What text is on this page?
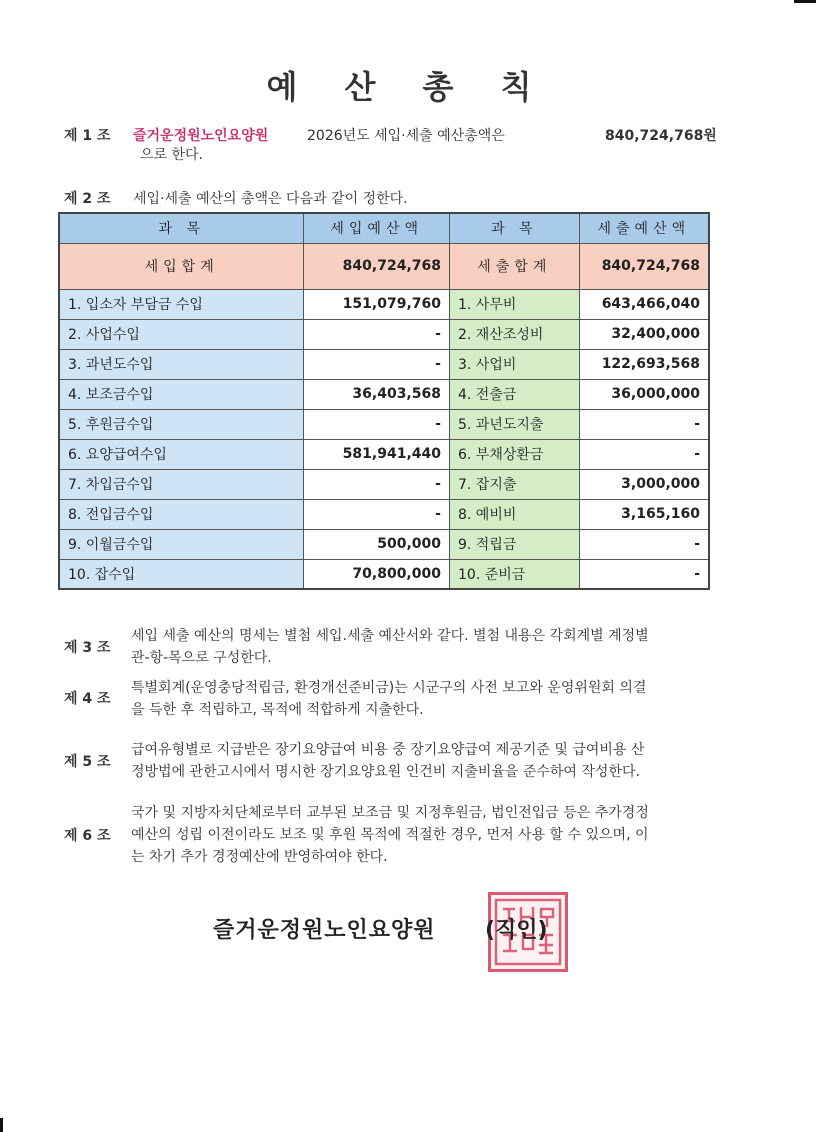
예 산 총 칙
제 1 조 즐거운정원노인요양원	2026년도 세입·세출 예산총액은	840,724,768원
으로 한다.
제 2 조 세입·세출 예산의 총액은 다음과 같이 정한다.
과 목	세입예산액	과 목	세출예산액
세입합계	840,724,768	세출합계	840,724,768
1. 입소자 부담금 수입	151,079,760	1. 사무비	643,466,040
2. 사업수입	-	2. 재산조성비	32,400,000
3. 과년도수입	-	3. 사업비	122,693,568
4. 보조금수입	36,403,568	4. 전출금	36,000,000
5. 후원금수입	-	5. 과년도지출	-
6. 요양급여수입	581,941,440	6. 부채상환금	-
7. 차입금수입	-	7. 잡지출	3,000,000
8. 전입금수입	-	8. 예비비	3,165,160
9. 이월금수입	500,000	9. 적립금	-
10. 잡수입	70,800,000	10. 준비금	-
제 3 조
세입 세출 예산의 명세는 별첨 세입.세출 예산서와 같다. 별첨 내용은 각회계별 계정별
관-항-목으로 구성한다.
제 4 조
특별회계(운영충당적립금, 환경개선준비금)는 시군구의 사전 보고와 운영위원회 의결
을 득한 후 적립하고, 목적에 적합하게 지출한다.
제 5 조
급여유형별로 지급받은 장기요양급여 비용 중 장기요양급여 제공기준 및 급여비용 산
정방법에 관한고시에서 명시한 장기요양요원 인건비 지출비율을 준수하여 작성한다.
제 6 조
국가 및 지방자치단체로부터 교부된 보조금 및 지정후원금, 법인전입금 등은 추가경정
예산의 성립 이전이라도 보조 및 후원 목적에 적절한 경우, 먼저 사용 할 수 있으며, 이
는 차기 추가 경정예산에 반영하여야 한다.
즐거운정원노인요양원 (직인)
